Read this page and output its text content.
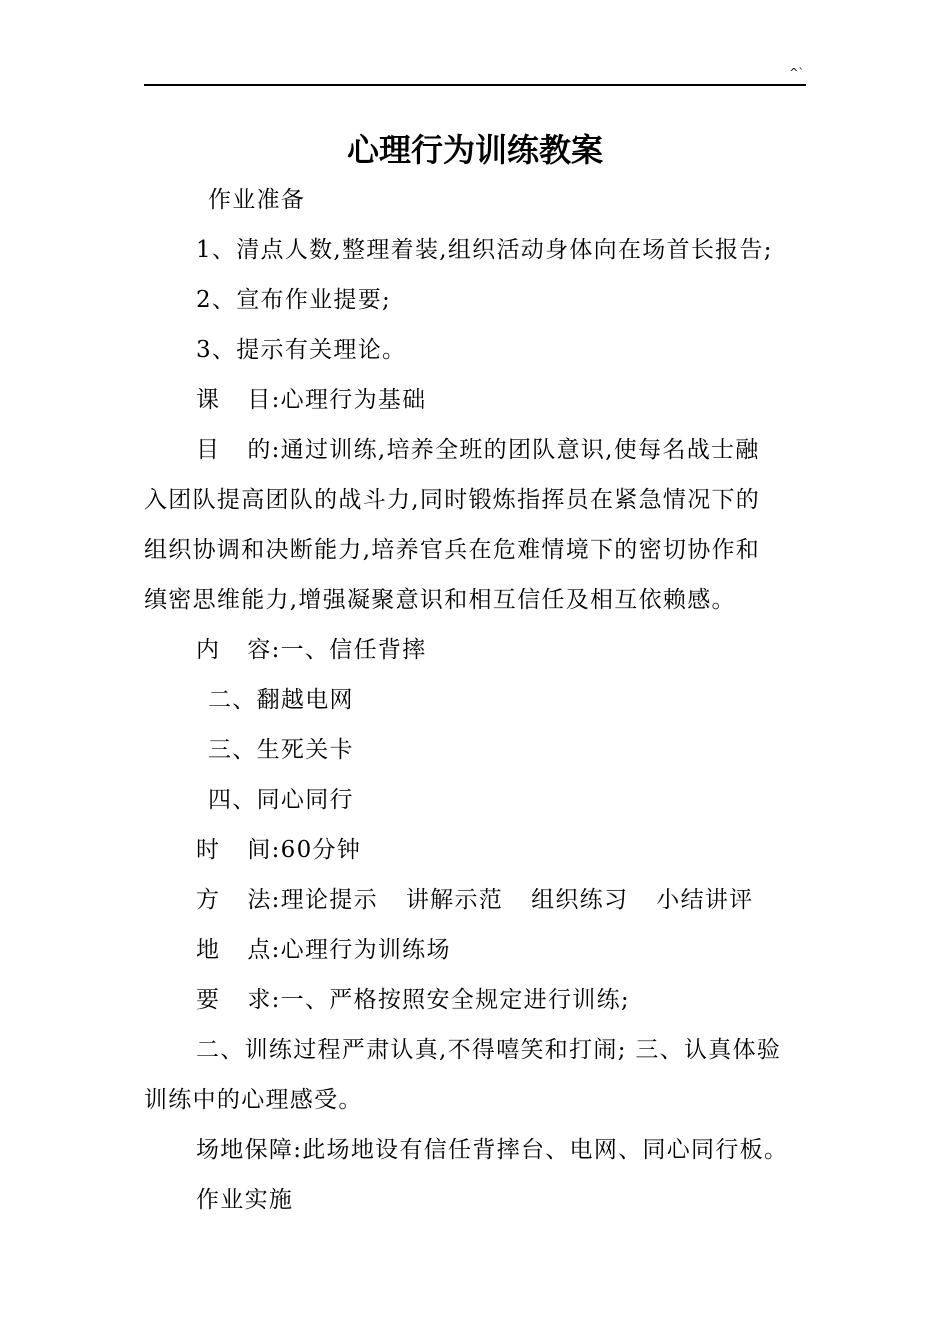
^`
心理行为训练教案
作业准备
1、清点人数,整理着装,组织活动身体向在场首长报告;
2、宣布作业提要;
3、提示有关理论。
课 目:心理行为基础
目 的:通过训练,培养全班的团队意识,使每名战士融
入团队提高团队的战斗力,同时锻炼指挥员在紧急情况下的
组织协调和决断能力,培养官兵在危难情境下的密切协作和
缜密思维能力,增强凝聚意识和相互信任及相互依赖感。
内 容:一、信任背摔
二、翻越电网
三、生死关卡
四、同心同行
时 间:60分钟
方 法:理论提示 讲解示范 组织练习 小结讲评
地 点:心理行为训练场
要 求:一、严格按照安全规定进行训练;
二、训练过程严肃认真,不得嘻笑和打闹; 三、认真体验
训练中的心理感受。
场地保障:此场地设有信任背摔台、电网、同心同行板。
作业实施
